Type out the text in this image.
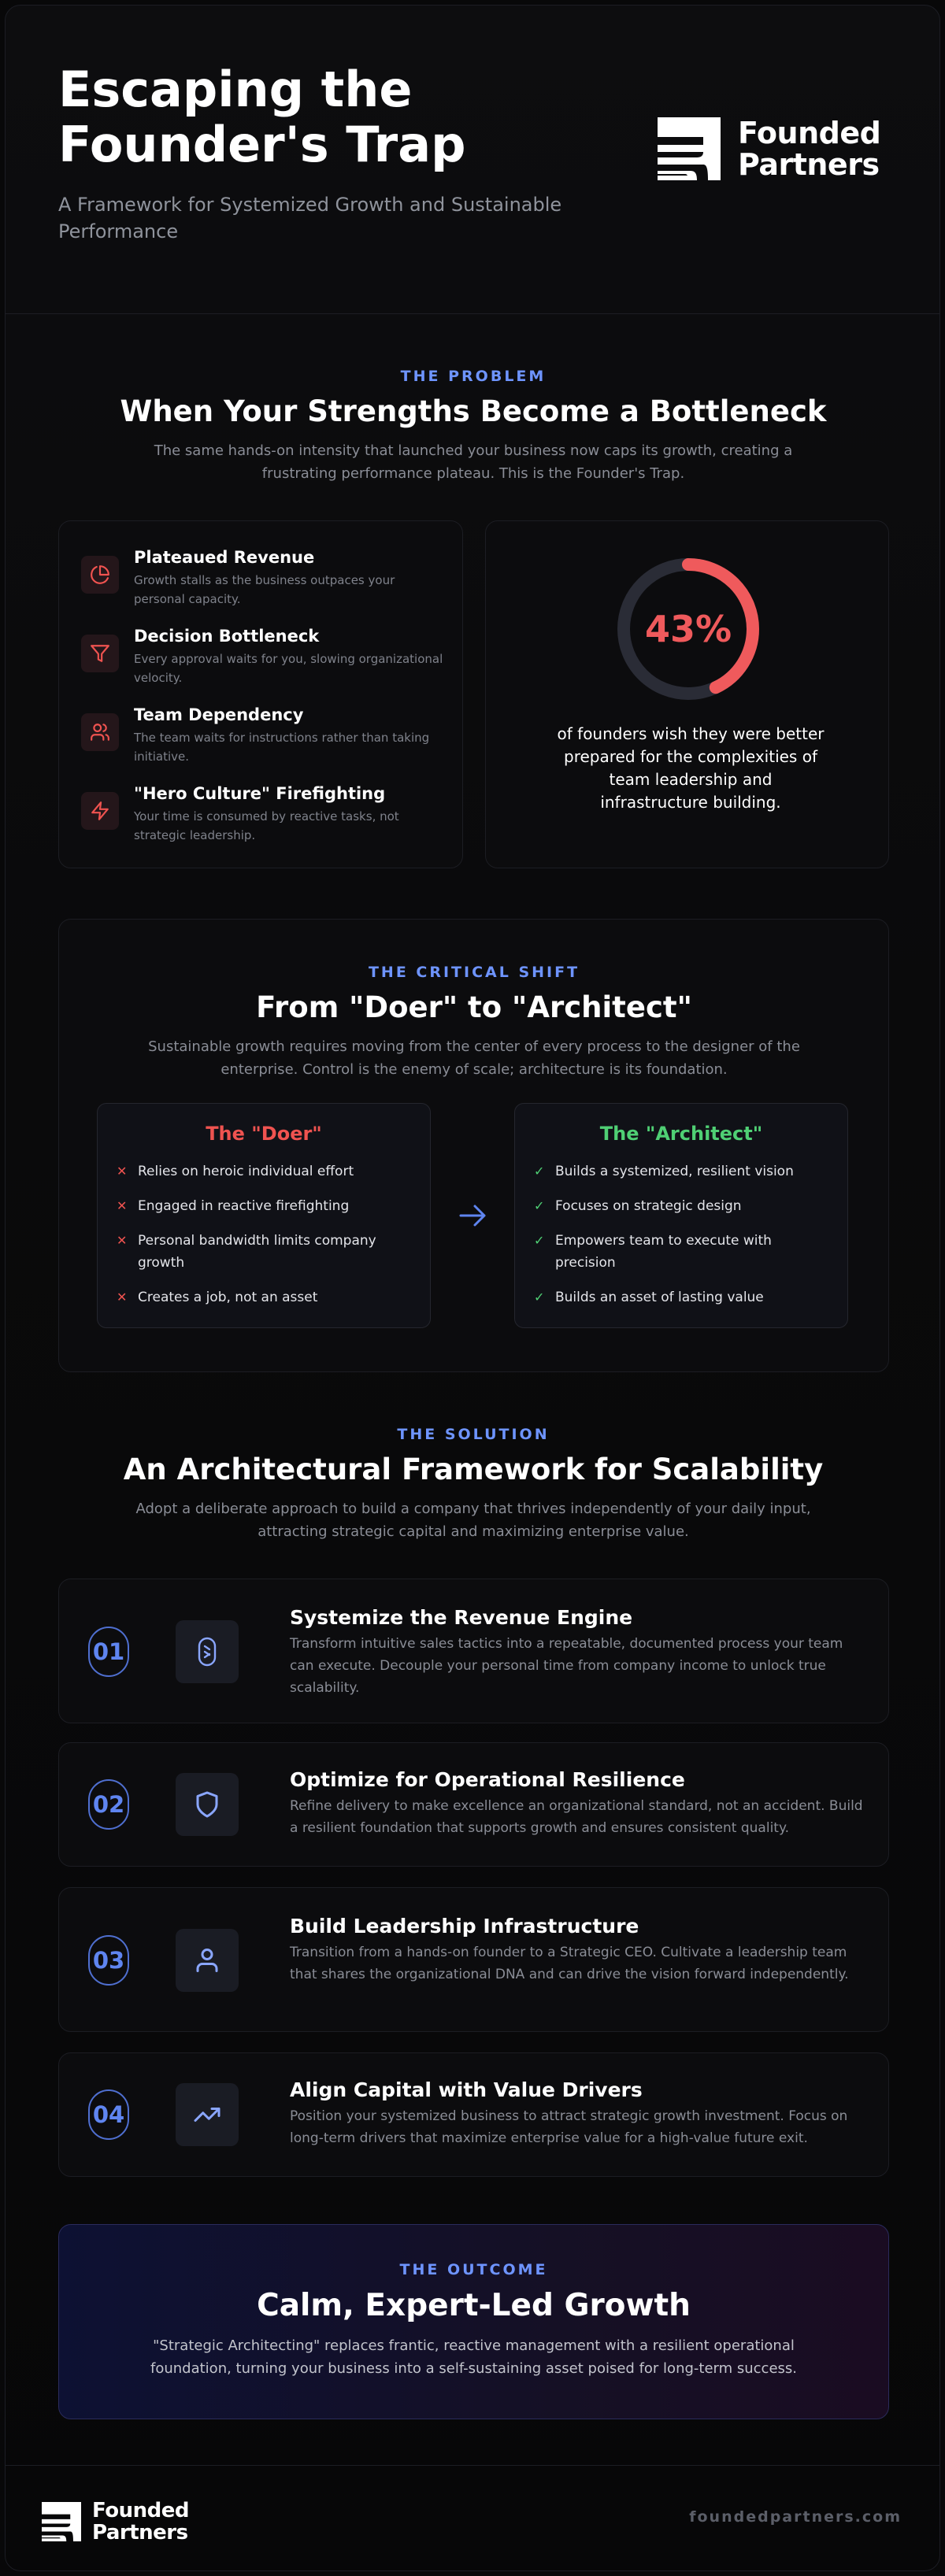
Escaping the
Founder's Trap
A Framework for Systemized Growth and Sustainable Performance
Founded
Partners
THE PROBLEM
When Your Strengths Become a Bottleneck
The same hands-on intensity that launched your business now caps its growth, creating a frustrating performance plateau. This is the Founder's Trap.
Plateaued Revenue
Growth stalls as the business outpaces your personal capacity.
Decision Bottleneck
Every approval waits for you, slowing organizational velocity.
Team Dependency
The team waits for instructions rather than taking initiative.
"Hero Culture" Firefighting
Your time is consumed by reactive tasks, not strategic leadership.
43%
of founders wish they were better prepared for the complexities of team leadership and infrastructure building.
THE CRITICAL SHIFT
From "Doer" to "Architect"
Sustainable growth requires moving from the center of every process to the designer of the enterprise. Control is the enemy of scale; architecture is its foundation.
The "Doer"
✕ Relies on heroic individual effort
✕ Engaged in reactive firefighting
✕ Personal bandwidth limits company growth
✕ Creates a job, not an asset
The "Architect"
✓ Builds a systemized, resilient vision
✓ Focuses on strategic design
✓ Empowers team to execute with precision
✓ Builds an asset of lasting value
THE SOLUTION
An Architectural Framework for Scalability
Adopt a deliberate approach to build a company that thrives independently of your daily input, attracting strategic capital and maximizing enterprise value.
01
Systemize the Revenue Engine
Transform intuitive sales tactics into a repeatable, documented process your team can execute. Decouple your personal time from company income to unlock true scalability.
02
Optimize for Operational Resilience
Refine delivery to make excellence an organizational standard, not an accident. Build a resilient foundation that supports growth and ensures consistent quality.
03
Build Leadership Infrastructure
Transition from a hands-on founder to a Strategic CEO. Cultivate a leadership team that shares the organizational DNA and can drive the vision forward independently.
04
Align Capital with Value Drivers
Position your systemized business to attract strategic growth investment. Focus on long-term drivers that maximize enterprise value for a high-value future exit.
THE OUTCOME
Calm, Expert-Led Growth
"Strategic Architecting" replaces frantic, reactive management with a resilient operational foundation, turning your business into a self-sustaining asset poised for long-term success.
Founded
Partners
foundedpartners.com
